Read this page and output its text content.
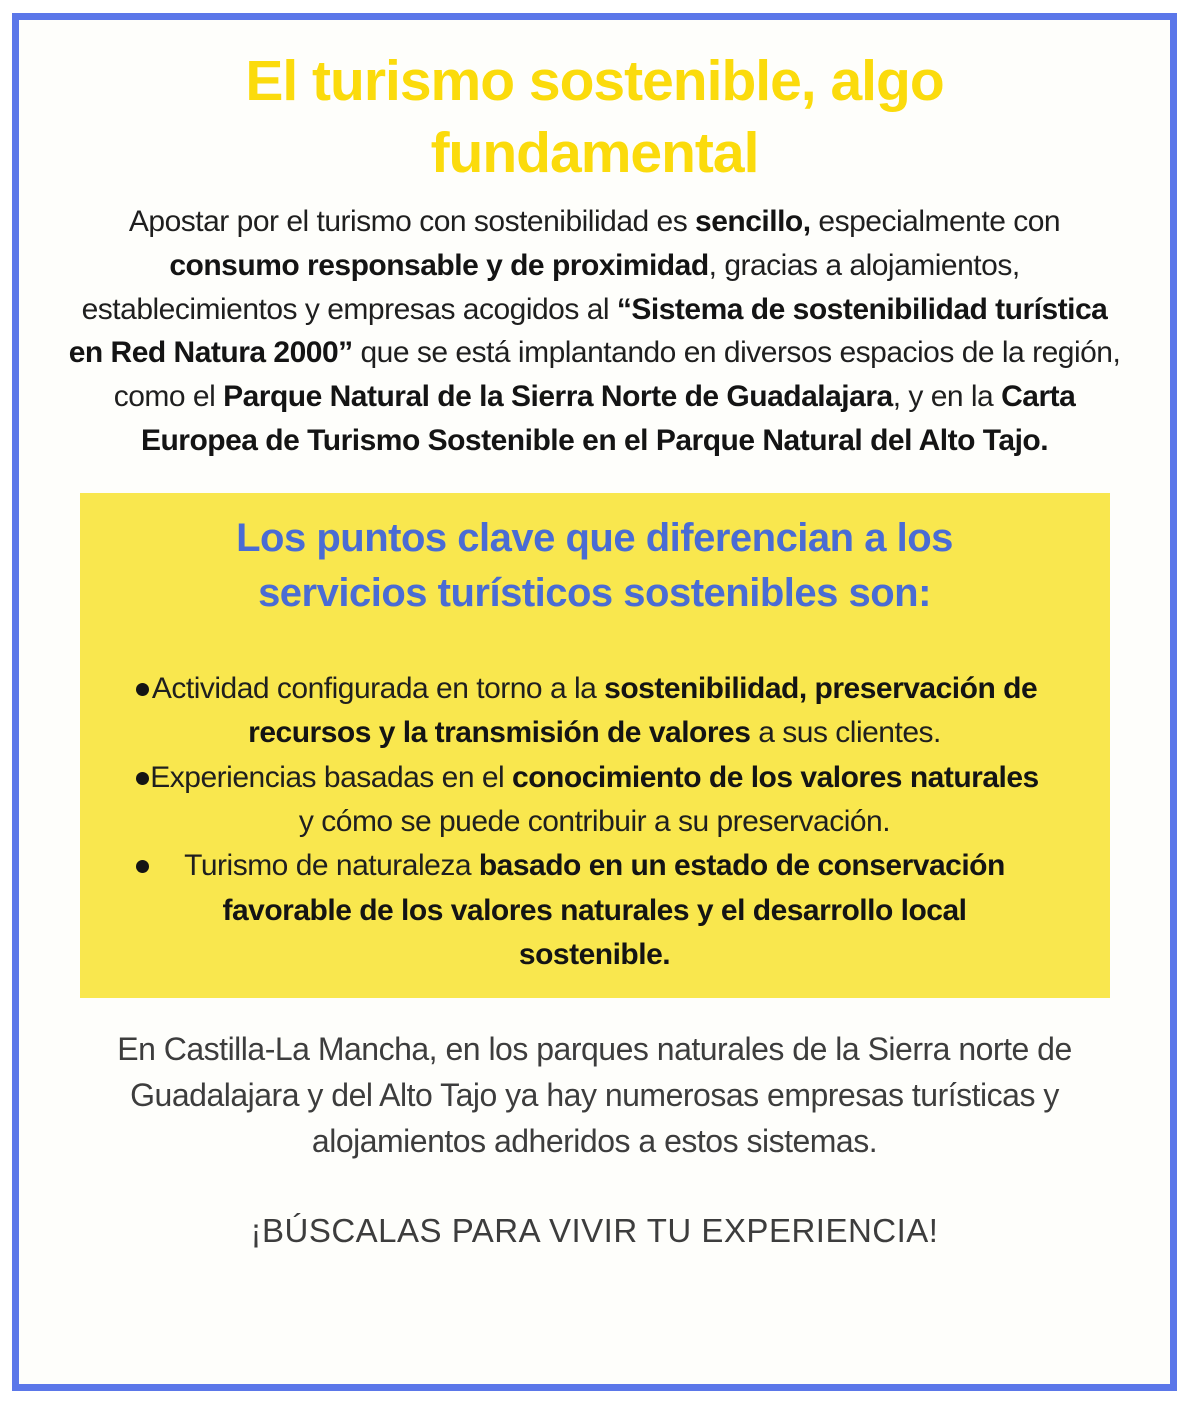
El turismo sostenible, algo fundamental

Apostar por el turismo con sostenibilidad es sencillo, especialmente con consumo responsable y de proximidad, gracias a alojamientos, establecimientos y empresas acogidos al “Sistema de sostenibilidad turística en Red Natura 2000” que se está implantando en diversos espacios de la región, como el Parque Natural de la Sierra Norte de Guadalajara, y en la Carta Europea de Turismo Sostenible en el Parque Natural del Alto Tajo.

Los puntos clave que diferencian a los servicios turísticos sostenibles son:
Actividad configurada en torno a la sostenibilidad, preservación de recursos y la transmisión de valores a sus clientes.
Experiencias basadas en el conocimiento de los valores naturales y cómo se puede contribuir a su preservación.
Turismo de naturaleza basado en un estado de conservación favorable de los valores naturales y el desarrollo local sostenible.

En Castilla-La Mancha, en los parques naturales de la Sierra norte de Guadalajara y del Alto Tajo ya hay numerosas empresas turísticas y alojamientos adheridos a estos sistemas.

¡BÚSCALAS PARA VIVIR TU EXPERIENCIA!
